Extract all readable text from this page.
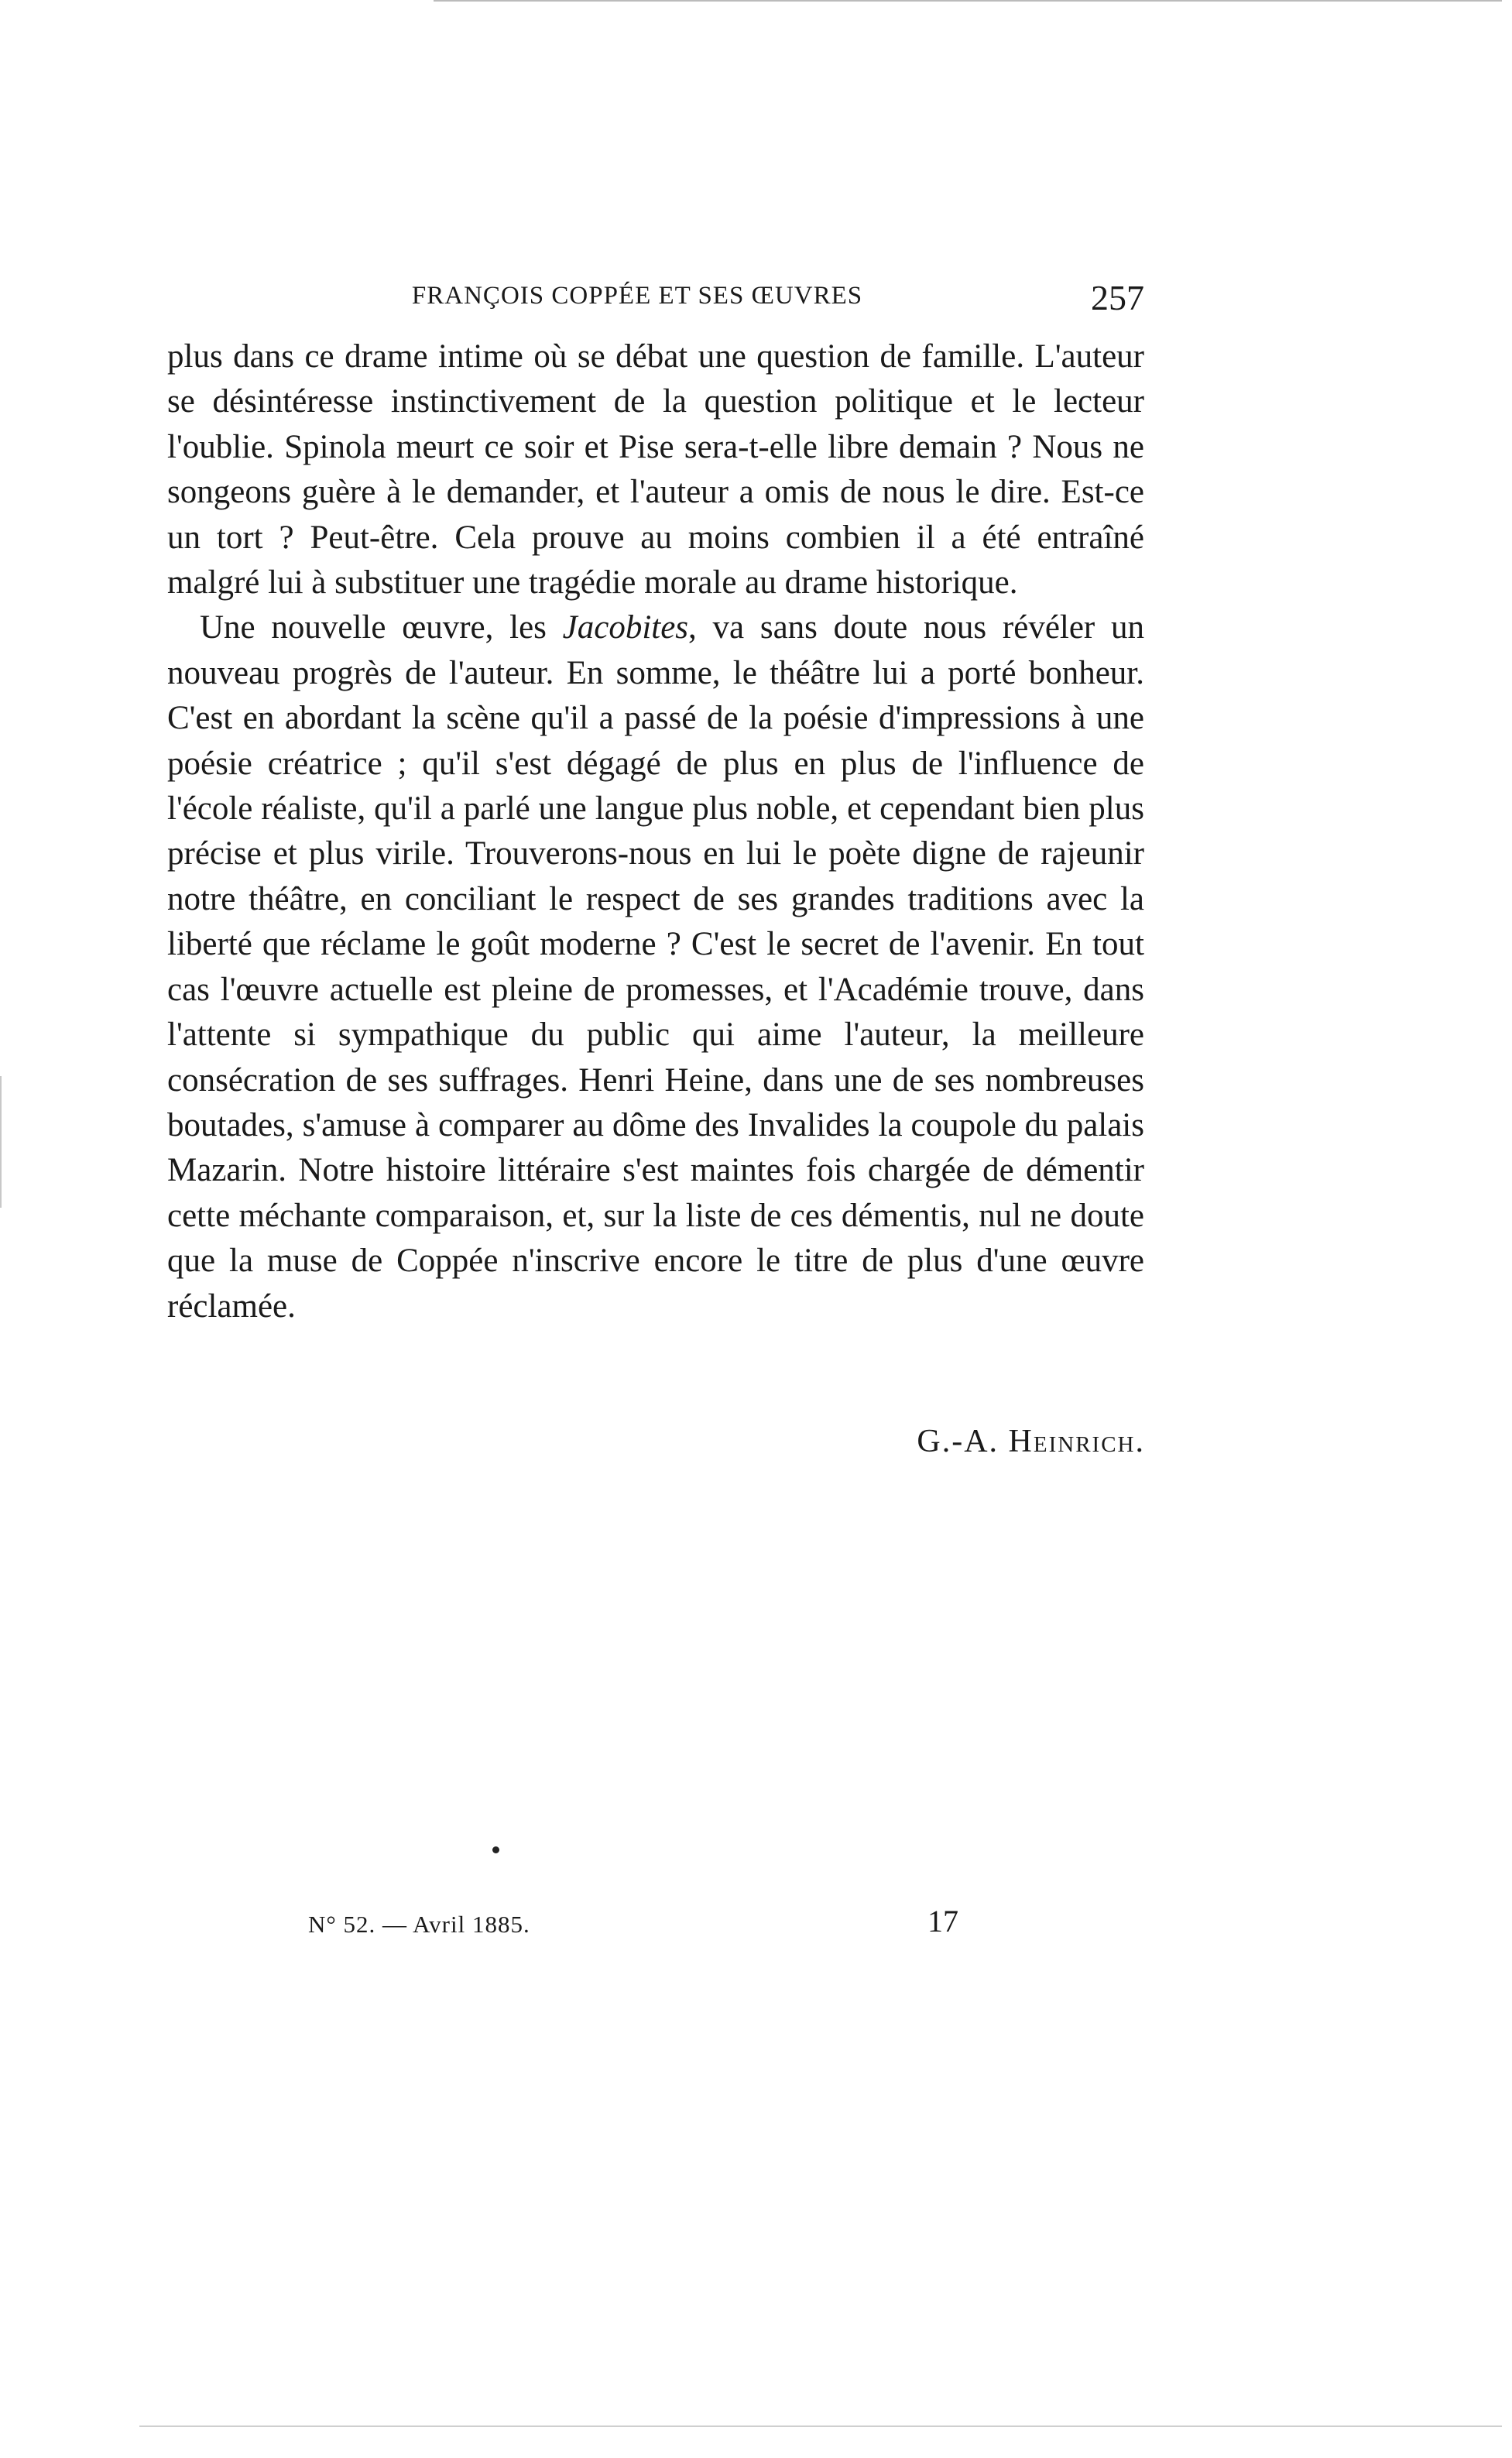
FRANÇOIS COPPÉE ET SES ŒUVRES	257

plus dans ce drame intime où se débat une question de famille. L'auteur se désintéresse instinctivement de la question politique et le lecteur l'oublie. Spinola meurt ce soir et Pise sera-t-elle libre demain ? Nous ne songeons guère à le demander, et l'auteur a omis de nous le dire. Est-ce un tort ? Peut-être. Cela prouve au moins combien il a été entraîné malgré lui à substituer une tragédie morale au drame historique.

Une nouvelle œuvre, les Jacobites, va sans doute nous révéler un nouveau progrès de l'auteur. En somme, le théâtre lui a porté bonheur. C'est en abordant la scène qu'il a passé de la poésie d'impressions à une poésie créatrice ; qu'il s'est dégagé de plus en plus de l'influence de l'école réaliste, qu'il a parlé une langue plus noble, et cependant bien plus précise et plus virile. Trouverons-nous en lui le poète digne de rajeunir notre théâtre, en conciliant le respect de ses grandes traditions avec la liberté que réclame le goût moderne ? C'est le secret de l'avenir. En tout cas l'œuvre actuelle est pleine de promesses, et l'Académie trouve, dans l'attente si sympathique du public qui aime l'auteur, la meilleure consécration de ses suffrages. Henri Heine, dans une de ses nombreuses boutades, s'amuse à comparer au dôme des Invalides la coupole du palais Mazarin. Notre histoire littéraire s'est maintes fois chargée de démentir cette méchante comparaison, et, sur la liste de ces démentis, nul ne doute que la muse de Coppée n'inscrive encore le titre de plus d'une œuvre réclamée.

G.-A. Heinrich.
N° 52. — Avril 1885.	17
